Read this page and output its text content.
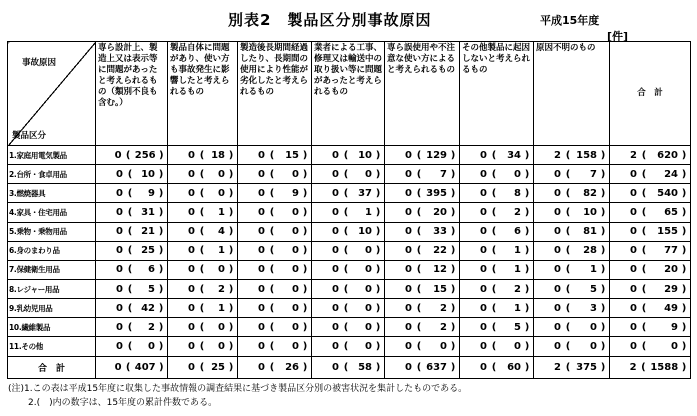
別表2　製品区分別事故原因	平成15年度
[件]
事故原因
製品区分	専ら設計上、製造上又は表示等に問題があったと考えられるもの（類別不良も含む。）	製品自体に問題があり、使い方も事故発生に影響したと考えられるもの	製造後長期間経過したり、長期間の使用により性能が劣化したと考えられるもの	業者による工事、修理又は輸送中の取り扱い等に問題があったと考えられるもの	専ら誤使用や不注意な使い方によると考えられるもの	その他製品に起因しないと考えられるもの	原因不明のもの	合　計
1.家庭用電気製品	0 ( 256 )	0 ( 18 )	0 ( 15 )	0 ( 10 )	0 ( 129 )	0 ( 34 )	2 ( 158 )	2 ( 620 )

2.台所・食卓用品	0 ( 10 )	0 ( 0 )	0 ( 0 )	0 ( 0 )	0 ( 7 )	0 ( 0 )	0 ( 7 )	0 ( 24 )

3.燃焼器具	0 ( 9 )	0 ( 0 )	0 ( 9 )	0 ( 37 )	0 ( 395 )	0 ( 8 )	0 ( 82 )	0 ( 540 )

4.家具・住宅用品	0 ( 31 )	0 ( 1 )	0 ( 0 )	0 ( 1 )	0 ( 20 )	0 ( 2 )	0 ( 10 )	0 ( 65 )

5.乗物・乗物用品	0 ( 21 )	0 ( 4 )	0 ( 0 )	0 ( 10 )	0 ( 33 )	0 ( 6 )	0 ( 81 )	0 ( 155 )

6.身のまわり品	0 ( 25 )	0 ( 1 )	0 ( 0 )	0 ( 0 )	0 ( 22 )	0 ( 1 )	0 ( 28 )	0 ( 77 )

7.保健衛生用品	0 ( 6 )	0 ( 0 )	0 ( 0 )	0 ( 0 )	0 ( 12 )	0 ( 1 )	0 ( 1 )	0 ( 20 )

8.レジャー用品	0 ( 5 )	0 ( 2 )	0 ( 0 )	0 ( 0 )	0 ( 15 )	0 ( 2 )	0 ( 5 )	0 ( 29 )

9.乳幼児用品	0 ( 42 )	0 ( 1 )	0 ( 0 )	0 ( 0 )	0 ( 2 )	0 ( 1 )	0 ( 3 )	0 ( 49 )

10.繊維製品	0 ( 2 )	0 ( 0 )	0 ( 0 )	0 ( 0 )	0 ( 2 )	0 ( 5 )	0 ( 0 )	0 ( 9 )

11.その他	0 ( 0 )	0 ( 0 )	0 ( 0 )	0 ( 0 )	0 ( 0 )	0 ( 0 )	0 ( 0 )	0 ( 0 )

合　計	0 ( 407 )	0 ( 25 )	0 ( 26 )	0 ( 58 )	0 ( 637 )	0 ( 60 )	2 ( 375 )	2 ( 1588 )
(注)1.この表は平成15年度に収集した事故情報の調査結果に基づき製品区分別の被害状況を集計したものである。
2.(　)内の数字は、15年度の累計件数である。
